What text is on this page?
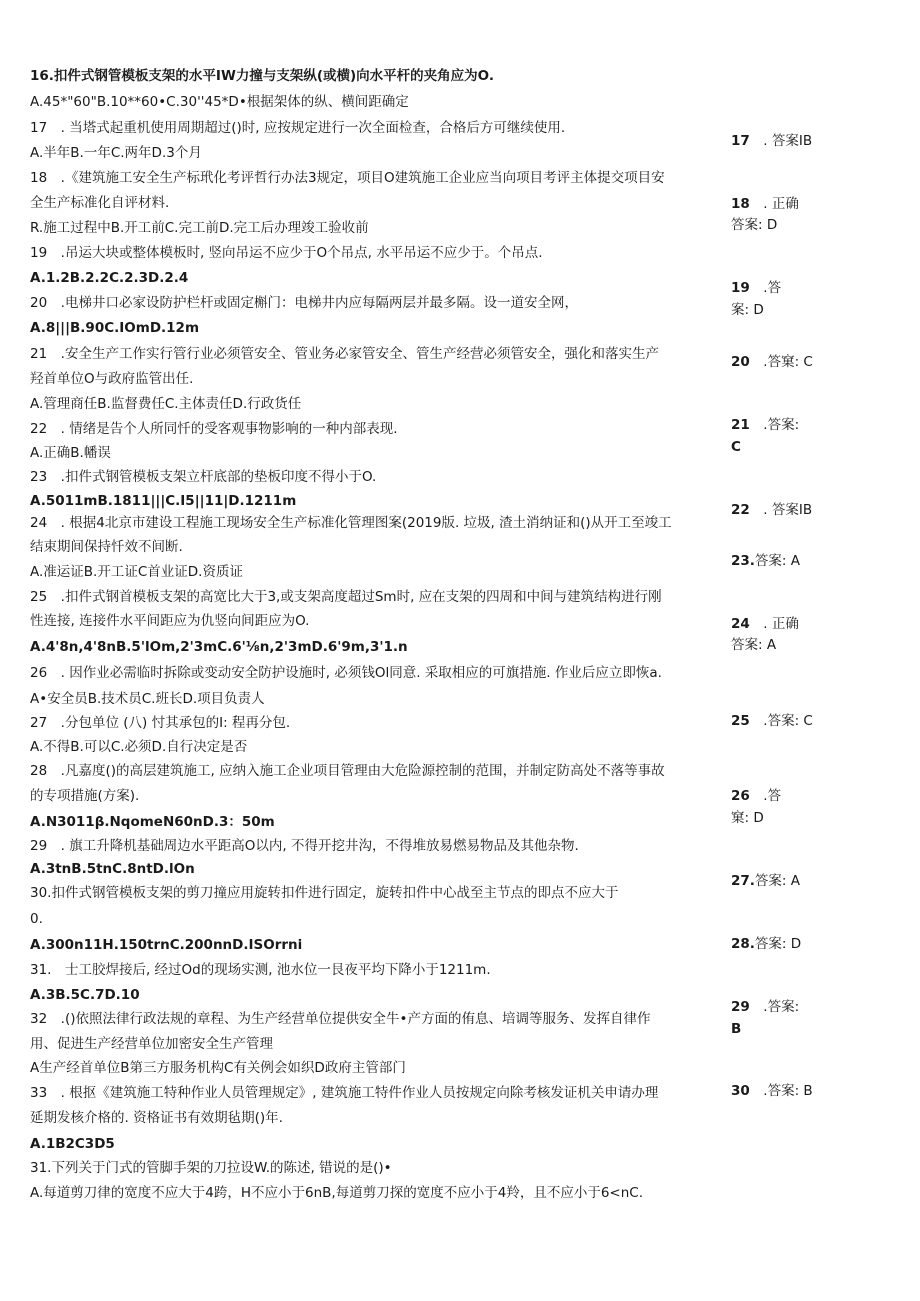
16.扣件式钢管模板支架的水平IW力撞与支架纵(或横)向水平杆的夹角应为O.
A.45*"60"B.10**60•C.30''45*D•根据架体的纵、横间距确定
17　. 当塔式起重机使用周期超过()时, 应按规定进行一次全面检查，合格后方可继续使用.
A.半年B.一年C.两年D.3个月
18　.《建筑施工安全生产标玳化考评哲行办法3规定，项目O建筑施工企业应当向项目考评主体提交项目安
全生产标准化自评材料.
R.施工过程中B.开工前C.完工前D.完工后办理竣工验收前
19　.吊运大块或整体模板时, 竖向吊运不应少于O个吊点, 水平吊运不应少于。个吊点.
A.1.2B.2.2C.2.3D.2.4
20　.电梯井口必家设防护栏杆或固定槲门：电梯井内应每隔两层并最多隔。设一道安全网，
A.8|||B.90C.IOmD.12m
21　.安全生产工作实行管行业必须管安全、管业务必家管安全、管生产经营必须管安全，强化和落实生产
羟首单位O与政府监管出任.
A.管理商任B.监督费任C.主体责任D.行政货任
22　. 情绪是告个人所同忏的受客观事物影响的一种内部表现.
A.正确B.幡误
23　.扣件式钢管模板支架立杆底部的垫板印度不得小于O.
A.5011mB.1811|||C.I5||11|D.1211m
24　. 根据4北京市建设工程施工现场安全生产标准化管理图案(2019版. 垃圾, 渣土消纳证和()从开工至竣工
结束期间保持忏效不间断.
A.准运证B.开工证C首业证D.资质证
25　.扣件式钢首模板支架的高宽比大于3,或支架高度超过Sm时, 应在支架的四周和中间与建筑结构进行刚
性连接, 连接件水平间距应为仇竖向间距应为O.
A.4'8n,4'8nB.5'lOm,2'3mC.6'⅛n,2'3mD.6'9m,3'1.n
26　. 因作业必需临时拆除或变动安全防护设施时, 必须钱Ol同意. 采取相应的可旗措施. 作业后应立即恢a.
A•安全员B.技术员C.班长D.项目负责人
27　.分包单位 (八) 忖其承包的I: 程再分包.
A.不得B.可以C.必须D.自行决定是否
28　.凡嘉度()的高层建筑施工, 应纳入施工企业项目管理由大危险源控制的范围，并制定防高处不落等事故
的专项措施(方案).
A.N3011β.NqomeN60nD.3：50m
29　. 旗工升降机基础周边水平距高O以内, 不得开挖井沟，不得堆放易燃易物品及其他杂物.
A.3tnB.5tnC.8ntD.lOn
30.扣件式钢管模板支架的剪刀撞应用旋转扣件进行固定，旋转扣件中心战至主节点的即点不应大于
0.
A.300n11H.150trnC.200nnD.ISOrrni
31.　士工胶焊接后, 经过Od的现场实测, 池水位一艮夜平均下降小于1211m.
A.3B.5C.7D.10
32　.()依照法律行政法规的章程、为生产经营单位提供安全牛•产方面的侑息、培调等服务、发挥自律作
用、促进生产经营单位加密安全生产管理
A生产经首单位B第三方服务机构C有关例会如织D政府主管部门
33　. 根抠《建筑施工特种作业人员管理规定》, 建筑施工特件作业人员按规定向除考核发证机关申请办理
延期发核介格的. 资格证书有效期毡期()年.
A.1B2C3D5
31.下列关于门式的管脚手架的刀拉设W.的陈述, 错说的是()•
A.每道剪刀律的宽度不应大于4跨，H不应小于6nB,每道剪刀探的宽度不应小于4羚，且不应小于6<nC.
17　. 答案IB
18　. 正确
答案: D
19　.答
案: D
20　.答窠: C
21　.答案:
C
22　. 答案IB
23.答案: A
24　. 正确
答案: A
25　.答案: C
26　.答
窠: D
27.答案: A
28.答案: D
29　.答案:
B
30　.答案: B
